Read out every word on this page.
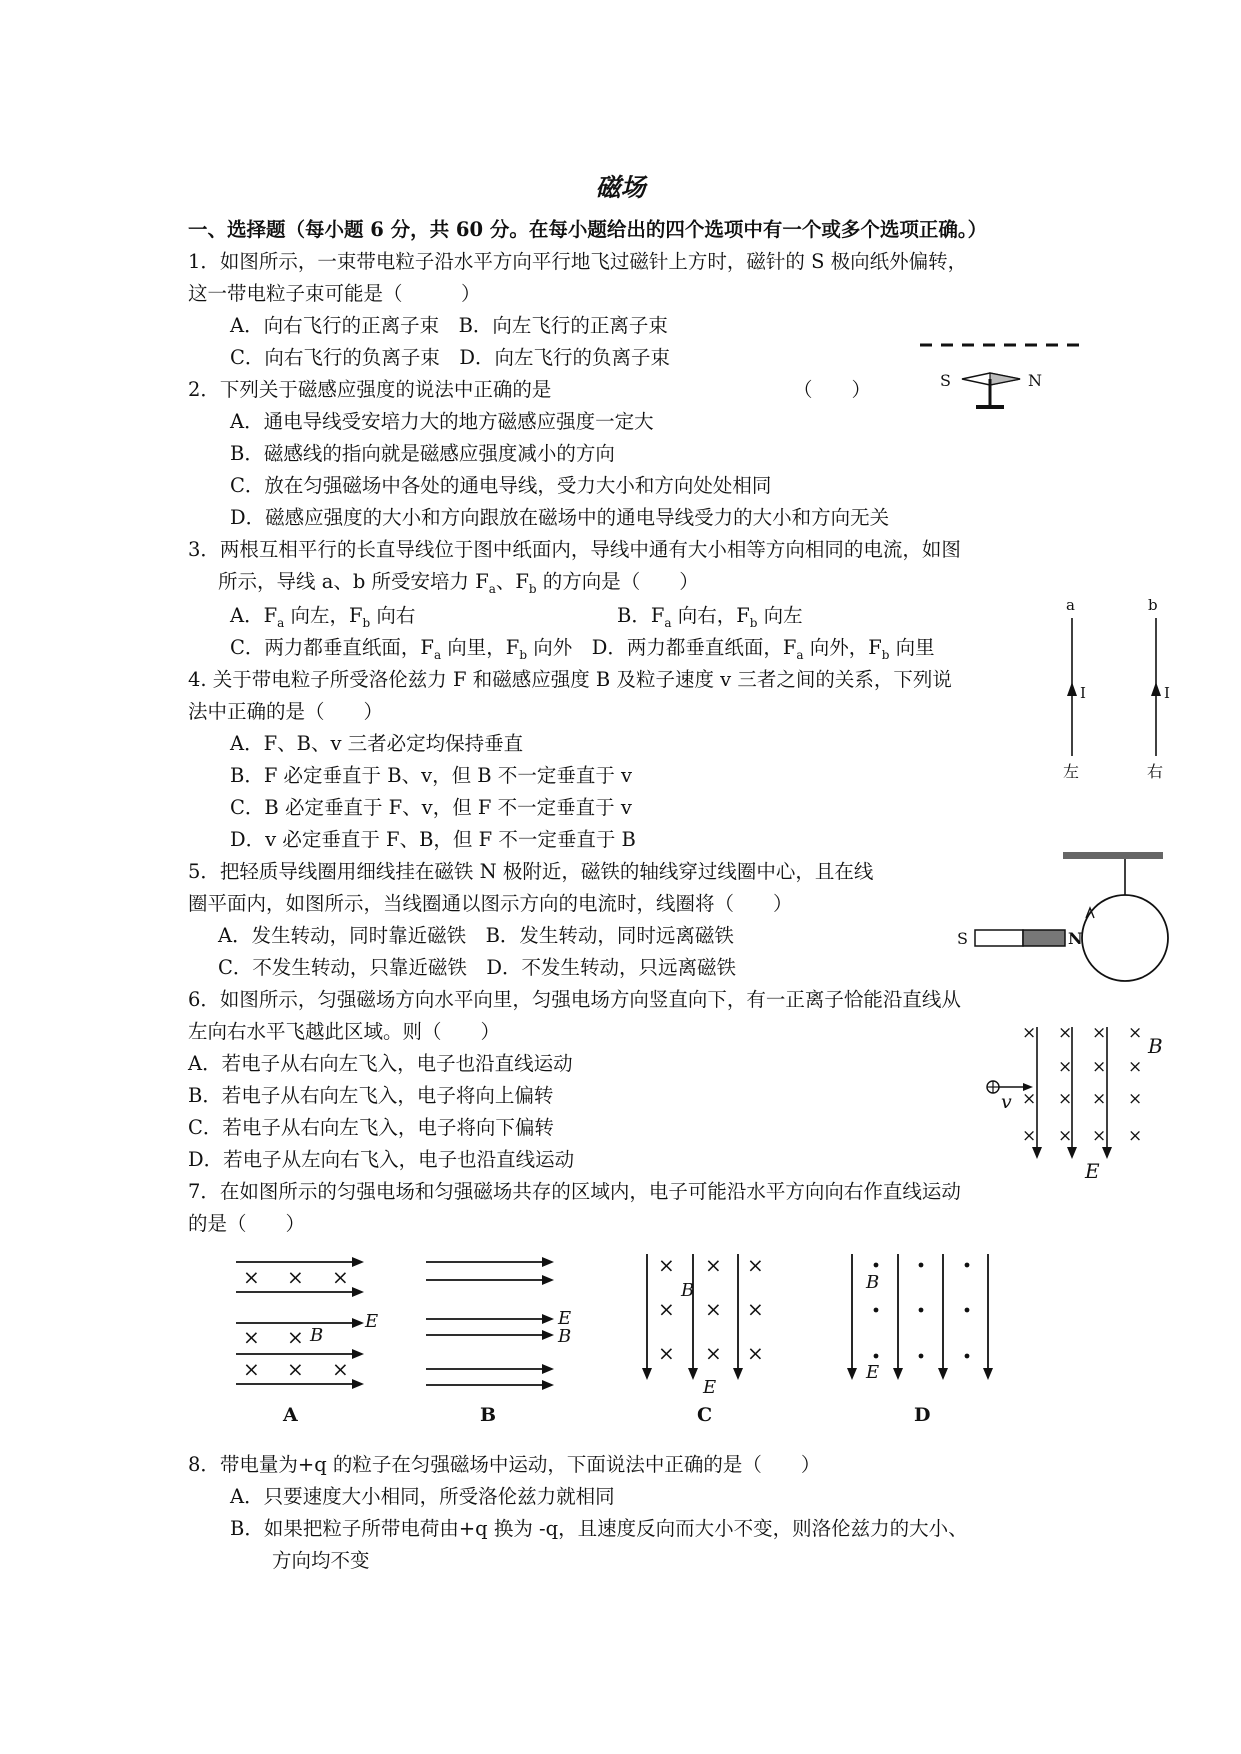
磁场
一、选择题（每小题 6 分，共 60 分。在每小题给出的四个选项中有一个或多个选项正确。）
1．如图所示，一束带电粒子沿水平方向平行地飞过磁针上方时，磁针的 S 极向纸外偏转，
这一带电粒子束可能是（　　　）
A．向右飞行的正离子束　B．向左飞行的正离子束
C．向右飞行的负离子束　D．向左飞行的负离子束
S	N
2．下列关于磁感应强度的说法中正确的是	（　　）
A．通电导线受安培力大的地方磁感应强度一定大
B．磁感线的指向就是磁感应强度减小的方向
C．放在匀强磁场中各处的通电导线，受力大小和方向处处相同
D．磁感应强度的大小和方向跟放在磁场中的通电导线受力的大小和方向无关
3．两根互相平行的长直导线位于图中纸面内，导线中通有大小相等方向相同的电流，如图
所示，导线 a、b 所受安培力 $F_a$、$F_b$ 的方向是（　　）
A．$F_a$ 向左，$F_b$ 向右	B．$F_a$ 向右，$F_b$ 向左
C．两力都垂直纸面，$F_a$ 向里，$F_b$ 向外　D．两力都垂直纸面，$F_a$ 向外，$F_b$ 向里
a	b
I	I
左	右
4. 关于带电粒子所受洛伦兹力 F 和磁感应强度 B 及粒子速度 v 三者之间的关系，下列说
法中正确的是（　　）
A．F、B、v 三者必定均保持垂直
B．F 必定垂直于 B、v，但 B 不一定垂直于 v
C．B 必定垂直于 F、v，但 F 不一定垂直于 v
D．v 必定垂直于 F、B，但 F 不一定垂直于 B
5．把轻质导线圈用细线挂在磁铁 N 极附近，磁铁的轴线穿过线圈中心，且在线
圈平面内，如图所示，当线圈通以图示方向的电流时，线圈将（　　）
A．发生转动，同时靠近磁铁　B．发生转动，同时远离磁铁
C．不发生转动，只靠近磁铁　D．不发生转动，只远离磁铁
S	N
6．如图所示，匀强磁场方向水平向里，匀强电场方向竖直向下，有一正离子恰能沿直线从
左向右水平飞越此区域。则（　　）
A．若电子从右向左飞入，电子也沿直线运动
B．若电子从右向左飞入，电子将向上偏转
C．若电子从右向左飞入，电子将向下偏转
D．若电子从左向右飞入，电子也沿直线运动
× × × ×
× × ×
× × × ×
× × × ×
B
E
v
7．在如图所示的匀强电场和匀强磁场共存的区域内，电子可能沿水平方向向右作直线运动
的是（　　）
× × ×
× ×
×
× ×
B
E	E
B
× × ×
× × ×
× × ×
B
E
B
E
A	B	C	D
8．带电量为+q 的粒子在匀强磁场中运动，下面说法中正确的是（　　）
A．只要速度大小相同，所受洛伦兹力就相同
B．如果把粒子所带电荷由+q 换为 -q，且速度反向而大小不变，则洛伦兹力的大小、
方向均不变
